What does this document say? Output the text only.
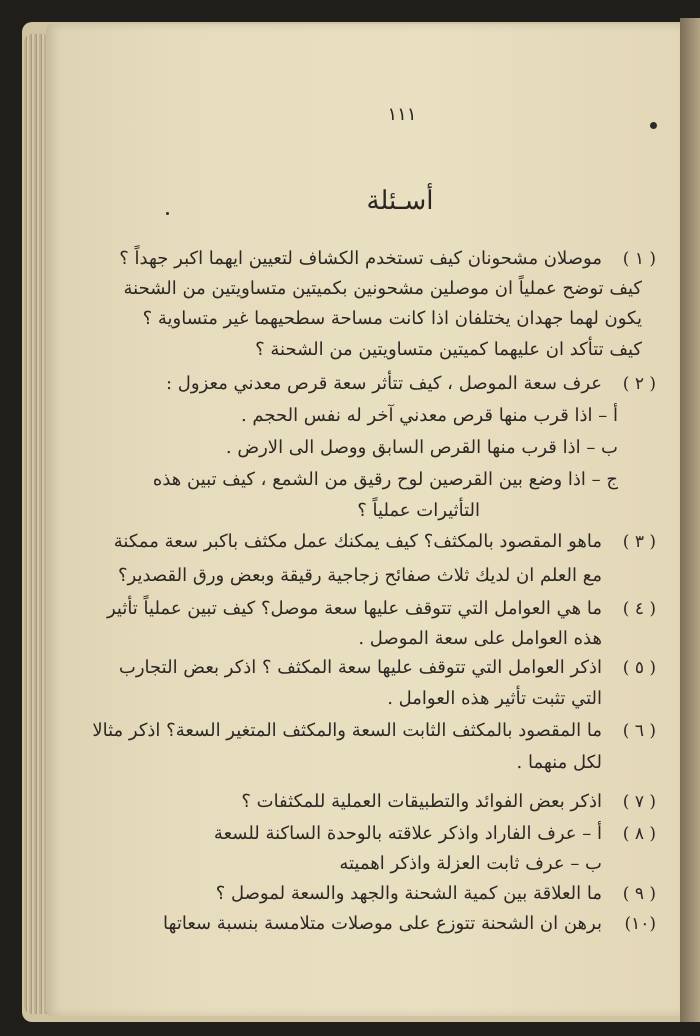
١١١
أسـئلة
( ١ )
موصلان مشحونان كيف تستخدم الكشاف لتعيين ايهما اكبر جهداً ؟
كيف توضح عملياً ان موصلين مشحونين بكميتين متساويتين من الشحنة
يكون لهما جهدان يختلفان اذا كانت مساحة سطحيهما غير متساوية ؟
كيف تتأكد ان عليهما كميتين متساويتين من الشحنة ؟
( ٢ )
عرف سعة الموصل ، كيف تتأثر سعة قرص معدني معزول :
أ – اذا قرب منها قرص معدني آخر له نفس الحجم .
ب – اذا قرب منها القرص السابق ووصل الى الارض .
ج – اذا وضع بين القرصين لوح رقيق من الشمع ، كيف تبين هذه
التأثيرات عملياً ؟
( ٣ )
ماهو المقصود بالمكثف؟ كيف يمكنك عمل مكثف باكبر سعة ممكنة
مع العلم ان لديك ثلاث صفائح زجاجية رقيقة وبعض ورق القصدير؟
( ٤ )
ما هي العوامل التي تتوقف عليها سعة موصل؟ كيف تبين عملياً تأثير
هذه العوامل على سعة الموصل .
( ٥ )
اذكر العوامل التي تتوقف عليها سعة المكثف ؟ اذكر بعض التجارب
التي تثبت تأثير هذه العوامل .
( ٦ )
ما المقصود بالمكثف الثابت السعة والمكثف المتغير السعة؟ اذكر مثالا
لكل منهما .
( ٧ )
اذكر بعض الفوائد والتطبيقات العملية للمكثفات ؟
( ٨ )
أ – عرف الفاراد واذكر علاقته بالوحدة الساكنة للسعة
ب – عرف ثابت العزلة واذكر اهميته
( ٩ )
ما العلاقة بين كمية الشحنة والجهد والسعة لموصل ؟
(١٠)
برهن ان الشحنة تتوزع على موصلات متلامسة بنسبة سعاتها
